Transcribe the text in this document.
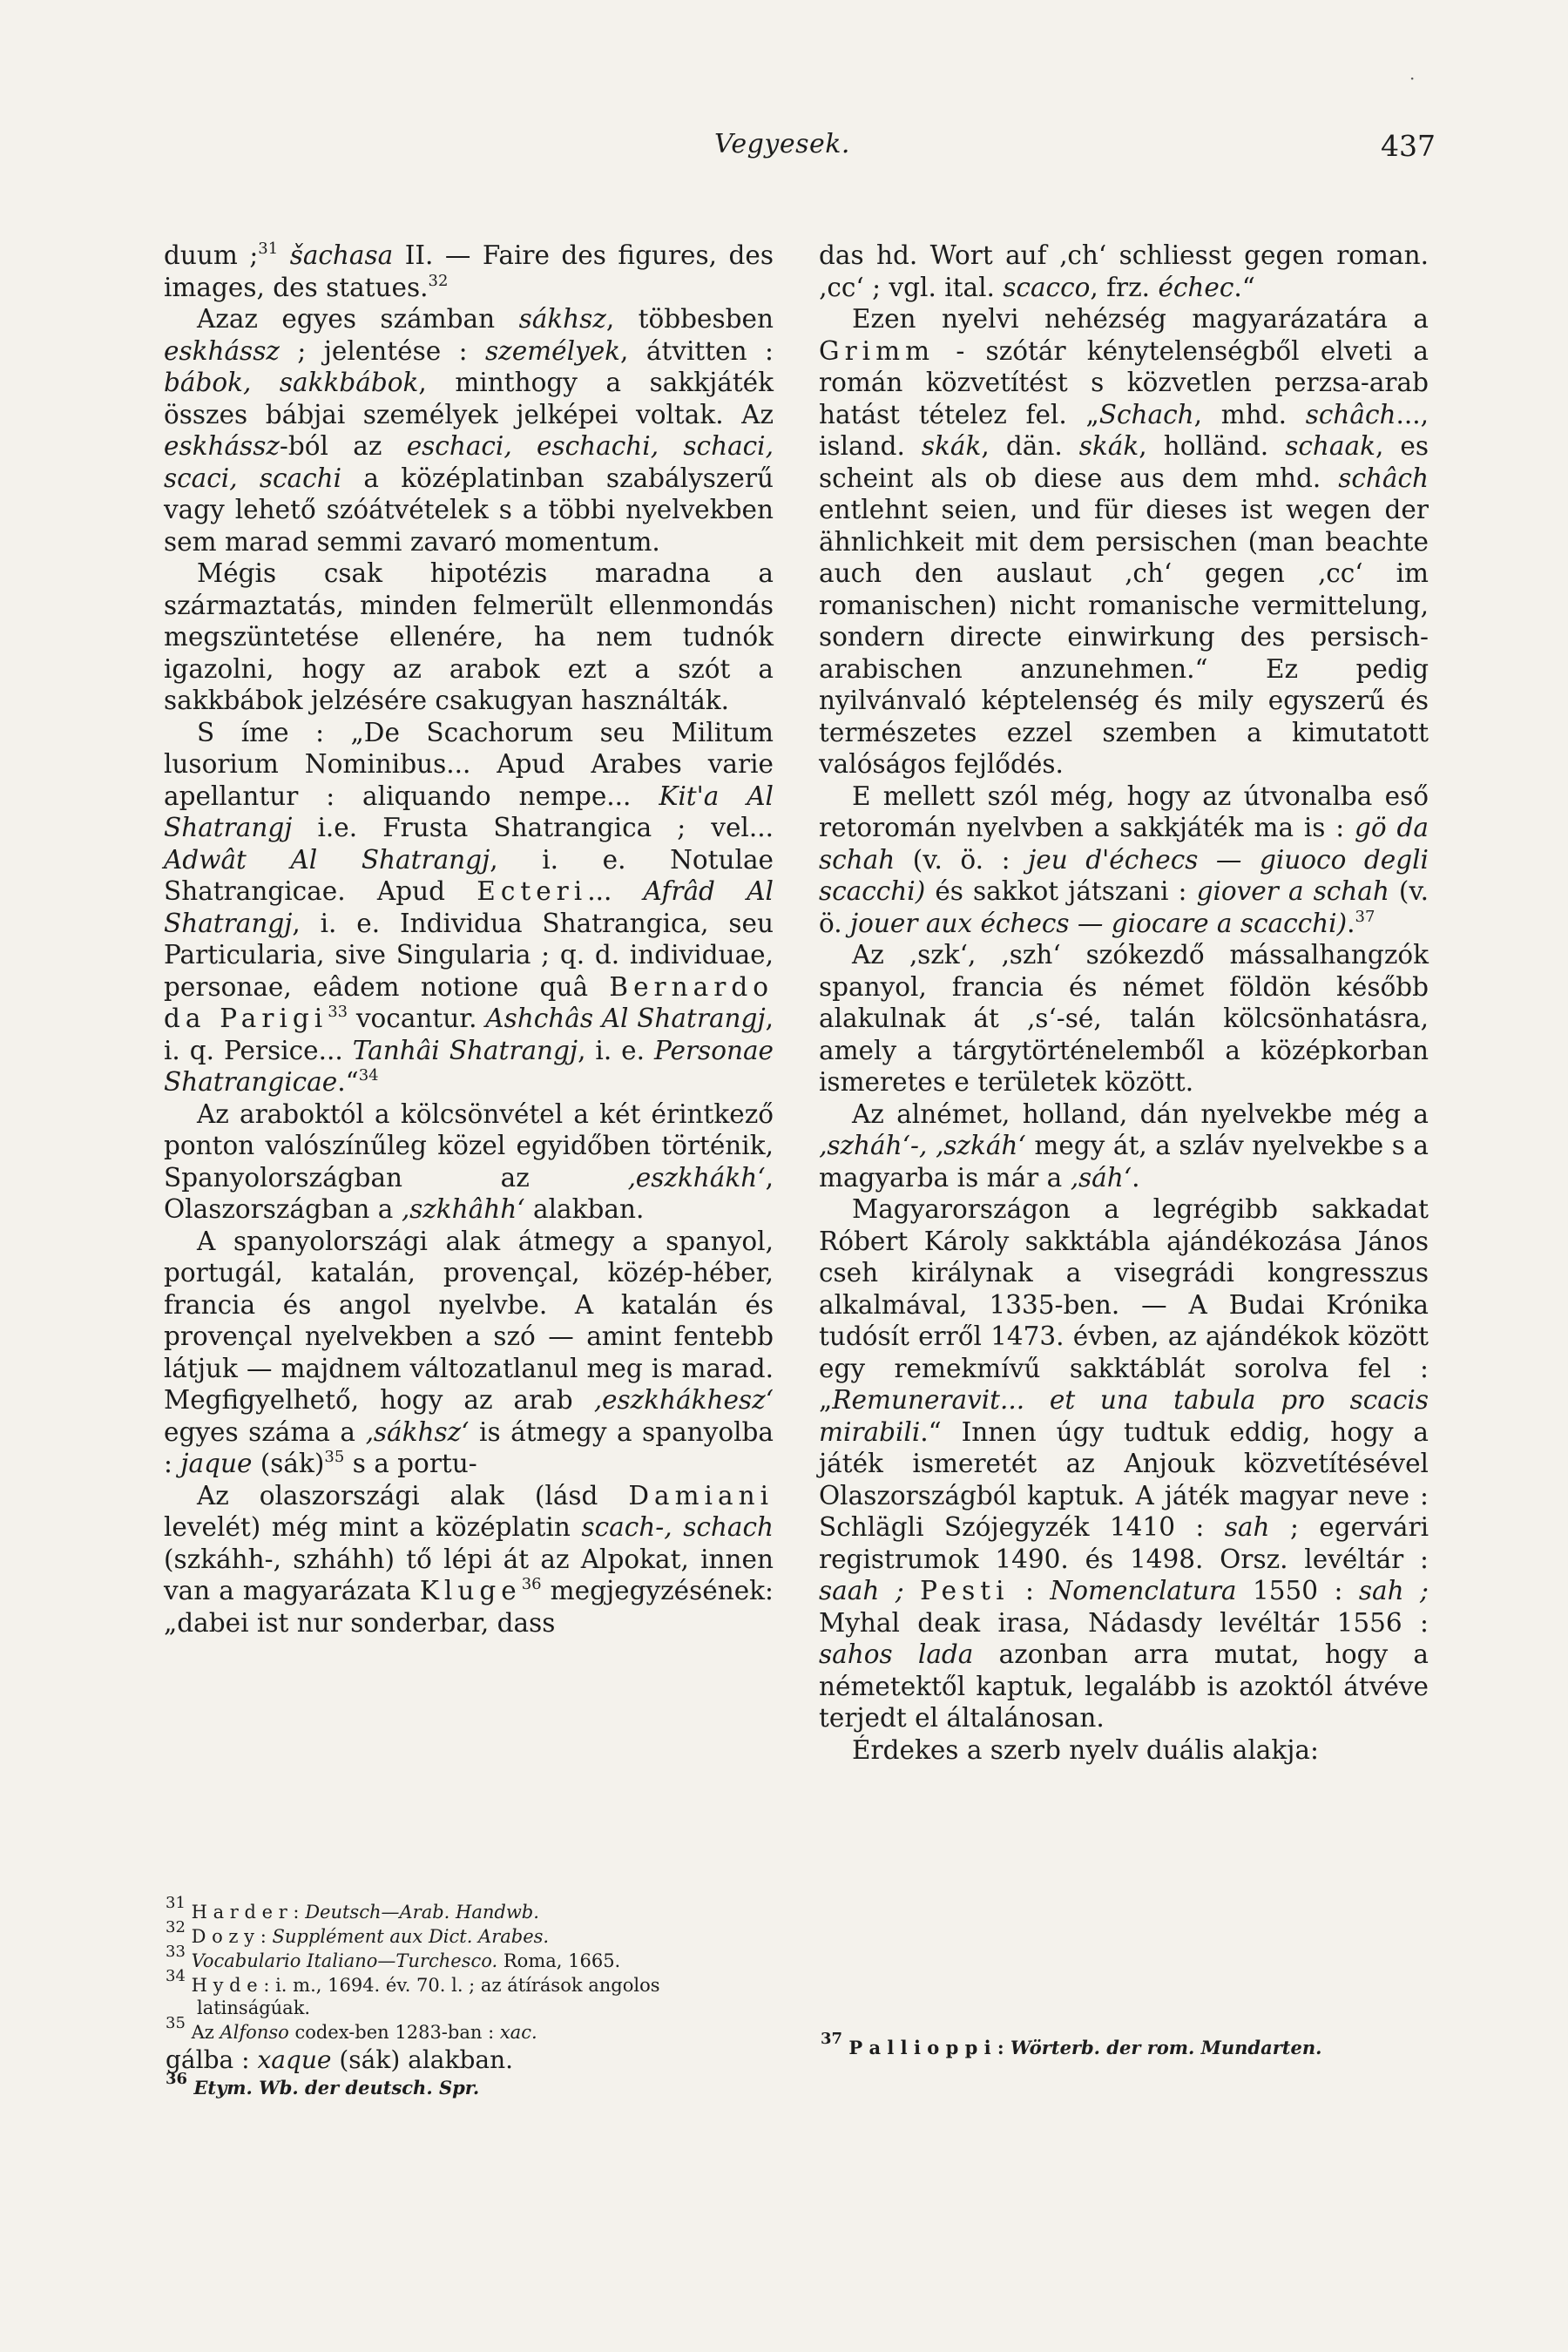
·
Vegyesek.	437

duum ;$^{31}$ šachasa II. — Faire des figures, des images, des statues.$^{32}$

Azaz egyes számban sákhsz, többesben eskhássz ; jelentése : személyek, átvitten : bábok, sakkbábok, minthogy a sakkjáték összes bábjai személyek jelképei voltak. Az eskhássz-ból az eschaci, eschachi, schaci, scaci, scachi a középlatinban szabályszerű vagy lehető szóátvételek s a többi nyelvekben sem marad semmi zavaró momentum.

Mégis csak hipotézis maradna a származtatás, minden felmerült ellenmondás megszüntetése ellenére, ha nem tudnók igazolni, hogy az arabok ezt a szót a sakkbábok jelzésére csakugyan használták.

S íme : „De Scachorum seu Militum lusorium Nominibus... Apud Arabes varie apellantur : aliquando nempe... Kit'a Al Shatrangj i.e. Frusta Shatrangica ; vel... Adwât Al Shatrangj, i. e. Notulae Shatrangicae. Apud Ecteri... Afrâd Al Shatrangj, i. e. Individua Shatrangica, seu Particularia, sive Singularia ; q. d. individuae, personae, eâdem notione quâ Bernardo da Parigi$^{33}$ vocantur. Ashchâs Al Shatrangj, i. q. Persice... Tanhâi Shatrangj, i. e. Personae Shatrangicae.“$^{34}$

Az araboktól a kölcsönvétel a két érintkező ponton valószínűleg közel egyidőben történik, Spanyolországban az ‚eszkhákh‘, Olaszországban a ‚szkhâhh‘ alakban.

A spanyolországi alak átmegy a spanyol, portugál, katalán, provençal, közép-héber, francia és angol nyelvbe. A katalán és provençal nyelvekben a szó — amint fentebb látjuk — majdnem változatlanul meg is marad. Megfigyelhető, hogy az arab ‚eszkhákhesz‘ egyes száma a ‚sákhsz‘ is átmegy a spanyolba : jaque (sák)$^{35}$ s a portu-

Az olaszországi alak (lásd Damiani levelét) még mint a középlatin scach-, schach (szkáhh-, szháhh) tő lépi át az Alpokat, innen van a magyarázata Kluge$^{36}$ megjegyzésének: „dabei ist nur sonderbar, dass

$^{31}$ H a r d e r : Deutsch—Arab. Handwb.
$^{32}$ D o z y : Supplément aux Dict. Arabes.
$^{33}$ Vocabulario Italiano—Turchesco. Roma, 1665.
$^{34}$ H y d e : i. m., 1694. év. 70. l. ; az átírások angolos latinságúak.
$^{35}$ Az Alfonso codex-ben 1283-ban : xac.
gálba : xaque (sák) alakban.
$^{36}$ Etym. Wb. der deutsch. Spr.

das hd. Wort auf ‚ch‘ schliesst gegen roman. ‚cc‘ ; vgl. ital. scacco, frz. échec.“

Ezen nyelvi nehézség magyarázatára a Grimm - szótár kénytelenségből elveti a román közvetítést s közvetlen perzsa-arab hatást tételez fel. „Schach, mhd. schâch..., island. skák, dän. skák, holländ. schaak, es scheint als ob diese aus dem mhd. schâch entlehnt seien, und für dieses ist wegen der ähnlichkeit mit dem persischen (man beachte auch den auslaut ‚ch‘ gegen ‚cc‘ im romanischen) nicht romanische vermittelung, sondern directe einwirkung des persisch-arabischen anzunehmen.“ Ez pedig nyilvánvaló képtelenség és mily egyszerű és természetes ezzel szemben a kimutatott valóságos fejlődés.

E mellett szól még, hogy az útvonalba eső retoromán nyelvben a sakkjáték ma is : gö da schah (v. ö. : jeu d'échecs — giuoco degli scacchi) és sakkot játszani : giover a schah (v. ö. jouer aux échecs — giocare a scacchi).$^{37}$

Az ‚szk‘, ‚szh‘ szókezdő mássalhangzók spanyol, francia és német földön később alakulnak át ‚s‘-sé, talán kölcsönhatásra, amely a tárgytörténelemből a középkorban ismeretes e területek között.

Az alnémet, holland, dán nyelvekbe még a ‚szháh‘-, ‚szkáh‘ megy át, a szláv nyelvekbe s a magyarba is már a ‚sáh‘.

Magyarországon a legrégibb sakkadat Róbert Károly sakktábla ajándékozása János cseh királynak a visegrádi kongresszus alkalmával, 1335-ben. — A Budai Krónika tudósít erről 1473. évben, az ajándékok között egy remekmívű sakktáblát sorolva fel : „Remuneravit... et una tabula pro scacis mirabili.“ Innen úgy tudtuk eddig, hogy a játék ismeretét az Anjouk közvetítésével Olaszországból kaptuk. A játék magyar neve : Schlägli Szójegyzék 1410 : sah ; egervári registrumok 1490. és 1498. Orsz. levéltár : saah ; Pesti : Nomenclatura 1550 : sah ; Myhal deak irasa, Nádasdy levéltár 1556 : sahos lada azonban arra mutat, hogy a németektől kaptuk, legalább is azoktól átvéve terjedt el általánosan.

Érdekes a szerb nyelv duális alakja:

$^{37}$ P a l l i o p p i : Wörterb. der rom. Mundarten.
